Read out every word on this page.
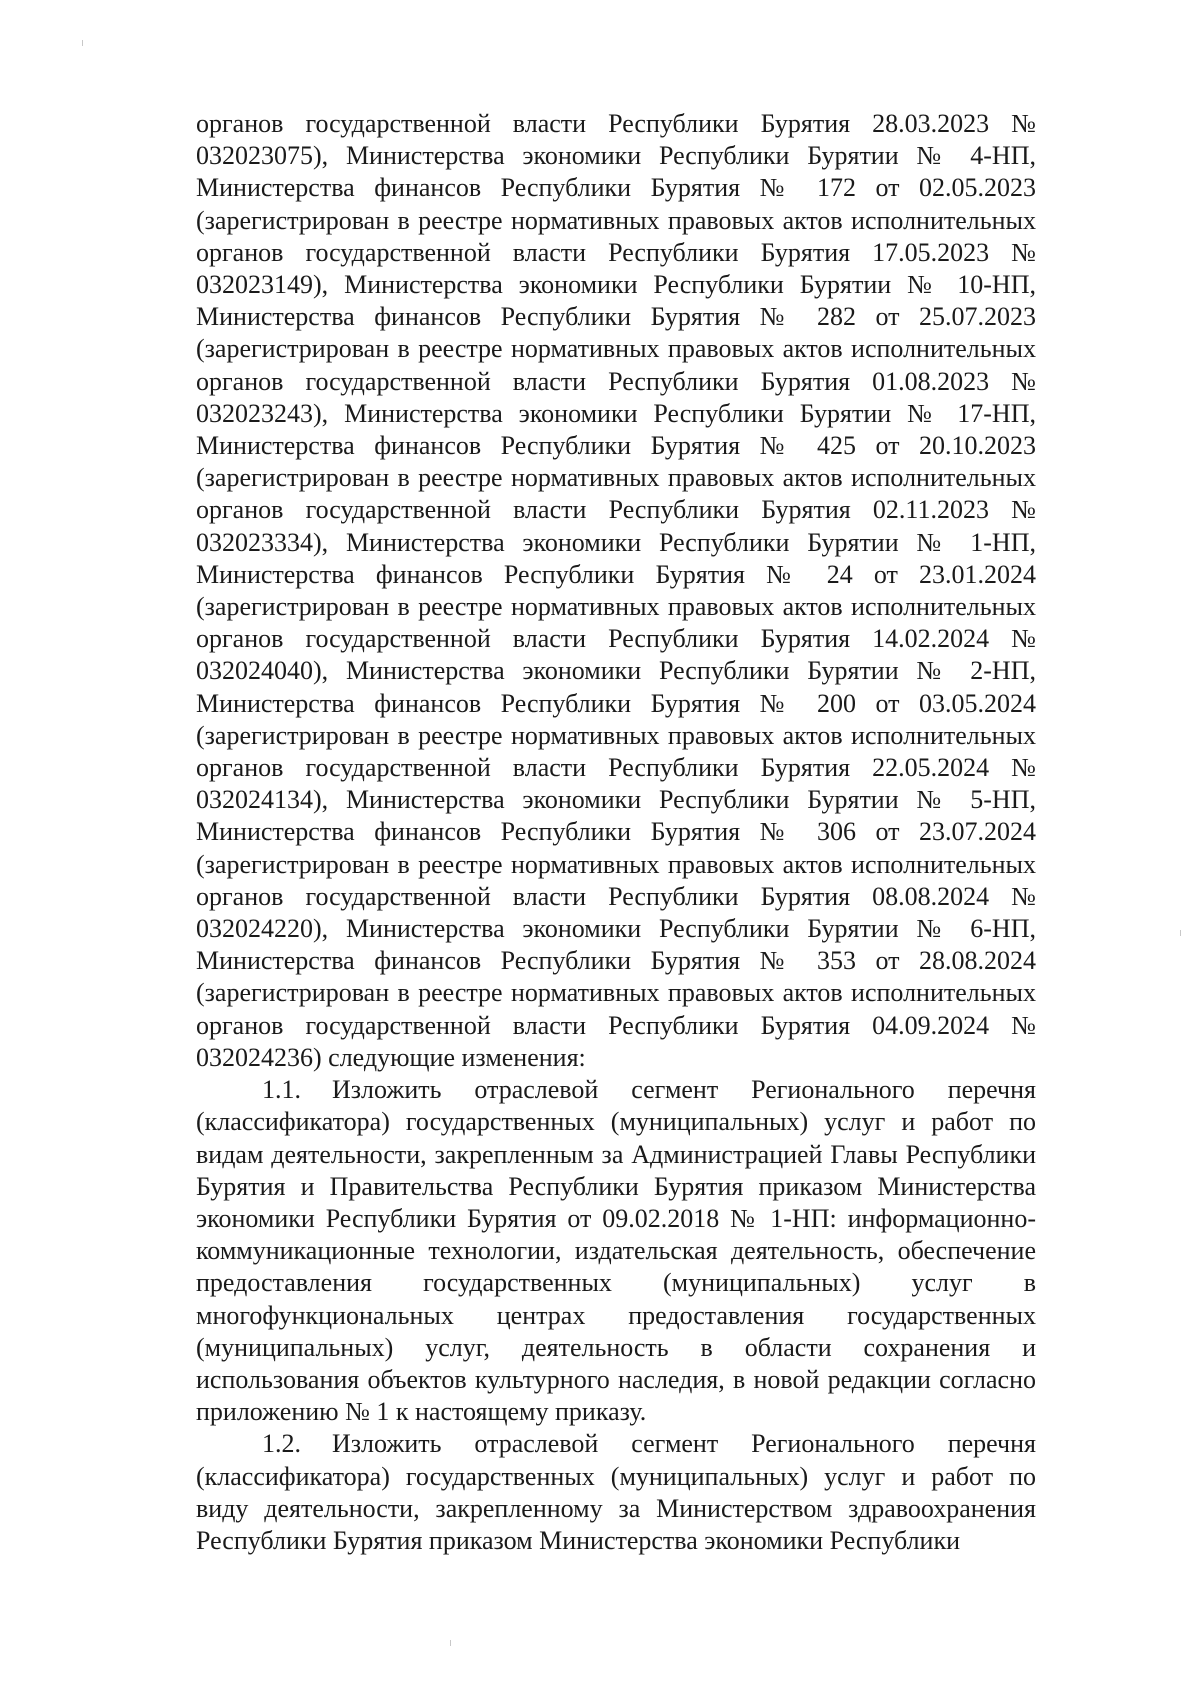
органов государственной власти Республики Бурятия 28.03.2023 № 032023075), Министерства экономики Республики Бурятии № 4-НП, Министерства финансов Республики Бурятия № 172 от 02.05.2023 (зарегистрирован в реестре нормативных правовых актов исполнительных органов государственной власти Республики Бурятия 17.05.2023 № 032023149), Министерства экономики Республики Бурятии № 10-НП, Министерства финансов Республики Бурятия № 282 от 25.07.2023 (зарегистрирован в реестре нормативных правовых актов исполнительных органов государственной власти Республики Бурятия 01.08.2023 № 032023243), Министерства экономики Республики Бурятии № 17-НП, Министерства финансов Республики Бурятия № 425 от 20.10.2023 (зарегистрирован в реестре нормативных правовых актов исполнительных органов государственной власти Республики Бурятия 02.11.2023 № 032023334), Министерства экономики Республики Бурятии № 1-НП, Министерства финансов Республики Бурятия № 24 от 23.01.2024 (зарегистрирован в реестре нормативных правовых актов исполнительных органов государственной власти Республики Бурятия 14.02.2024 № 032024040), Министерства экономики Республики Бурятии № 2-НП, Министерства финансов Республики Бурятия № 200 от 03.05.2024 (зарегистрирован в реестре нормативных правовых актов исполнительных органов государственной власти Республики Бурятия 22.05.2024 № 032024134), Министерства экономики Республики Бурятии № 5-НП, Министерства финансов Республики Бурятия № 306 от 23.07.2024 (зарегистрирован в реестре нормативных правовых актов исполнительных органов государственной власти Республики Бурятия 08.08.2024 № 032024220), Министерства экономики Республики Бурятии № 6-НП, Министерства финансов Республики Бурятия № 353 от 28.08.2024 (зарегистрирован в реестре нормативных правовых актов исполнительных органов государственной власти Республики Бурятия 04.09.2024 № 032024236) следующие изменения:

1.1. Изложить отраслевой сегмент Регионального перечня (классификатора) государственных (муниципальных) услуг и работ по видам деятельности, закрепленным за Администрацией Главы Республики Бурятия и Правительства Республики Бурятия приказом Министерства экономики Республики Бурятия от 09.02.2018 № 1-НП: информационно-коммуникационные технологии, издательская деятельность, обеспечение предоставления государственных (муниципальных) услуг в многофункциональных центрах предоставления государственных (муниципальных) услуг, деятельность в области сохранения и использования объектов культурного наследия, в новой редакции согласно приложению № 1 к настоящему приказу.

1.2. Изложить отраслевой сегмент Регионального перечня (классификатора) государственных (муниципальных) услуг и работ по виду деятельности, закрепленному за Министерством здравоохранения Республики Бурятия приказом Министерства экономики Республики
